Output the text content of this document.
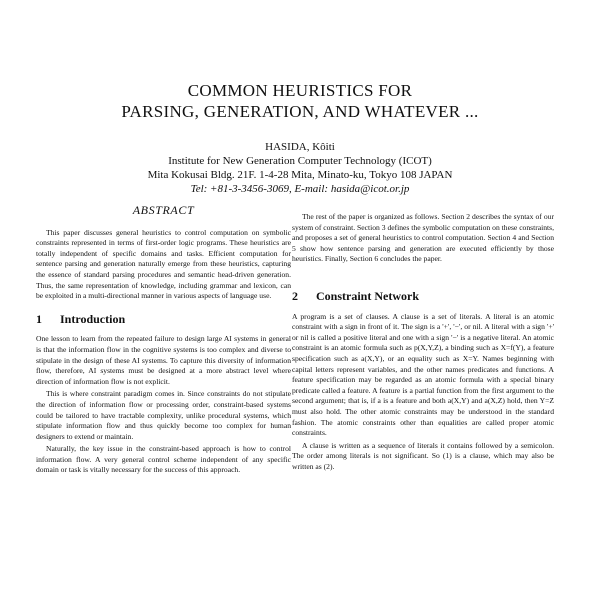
COMMON HEURISTICS FOR
PARSING, GENERATION, AND WHATEVER ...
HASIDA, Kôiti
Institute for New Generation Computer Technology (ICOT)
Mita Kokusai Bldg. 21F. 1-4-28 Mita, Minato-ku, Tokyo 108 JAPAN
Tel: +81-3-3456-3069, E-mail: hasida@icot.or.jp
ABSTRACT

This paper discusses general heuristics to control computation on symbolic constraints represented in terms of first-order logic programs. These heuristics are totally independent of specific domains and tasks. Efficient computation for sentence parsing and generation naturally emerge from these heuristics, capturing the essence of standard parsing procedures and semantic head-driven generation. Thus, the same representation of knowledge, including grammar and lexicon, can be exploited in a multi-directional manner in various aspects of language use.

1 Introduction

One lesson to learn from the repeated failure to design large AI systems in general is that the information flow in the cognitive systems is too complex and diverse to stipulate in the design of these AI systems. To capture this diversity of information flow, therefore, AI systems must be designed at a more abstract level where direction of information flow is not explicit.

This is where constraint paradigm comes in. Since constraints do not stipulate the direction of information flow or processing order, constraint-based systems could be tailored to have tractable complexity, unlike procedural systems, which stipulate information flow and thus quickly become too complex for human designers to extend or maintain.

Naturally, the key issue in the constraint-based approach is how to control information flow. A very general control scheme independent of any specific domain or task is vitally necessary for the success of this approach.

The rest of the paper is organized as follows. Section 2 describes the syntax of our system of constraint. Section 3 defines the symbolic computation on these constraints, and proposes a set of general heuristics to control computation. Section 4 and Section 5 show how sentence parsing and generation are executed efficiently by those heuristics. Finally, Section 6 concludes the paper.

2 Constraint Network

A program is a set of clauses. A clause is a set of literals. A literal is an atomic constraint with a sign in front of it. The sign is a '+', '−', or nil. A literal with a sign '+' or nil is called a positive literal and one with a sign '−' is a negative literal. An atomic constraint is an atomic formula such as p(X,Y,Z), a binding such as X=f(Y), a feature specification such as a(X,Y), or an equality such as X=Y. Names beginning with capital letters represent variables, and the other names predicates and functions. A feature specification may be regarded as an atomic formula with a special binary predicate called a feature. A feature is a partial function from the first argument to the second argument; that is, if a is a feature and both a(X,Y) and a(X,Z) hold, then Y=Z must also hold. The other atomic constraints may be understood in the standard fashion. The atomic constraints other than equalities are called proper atomic constraints.

A clause is written as a sequence of literals it contains followed by a semicolon. The order among literals is not significant. So (1) is a clause, which may also be written as (2).
